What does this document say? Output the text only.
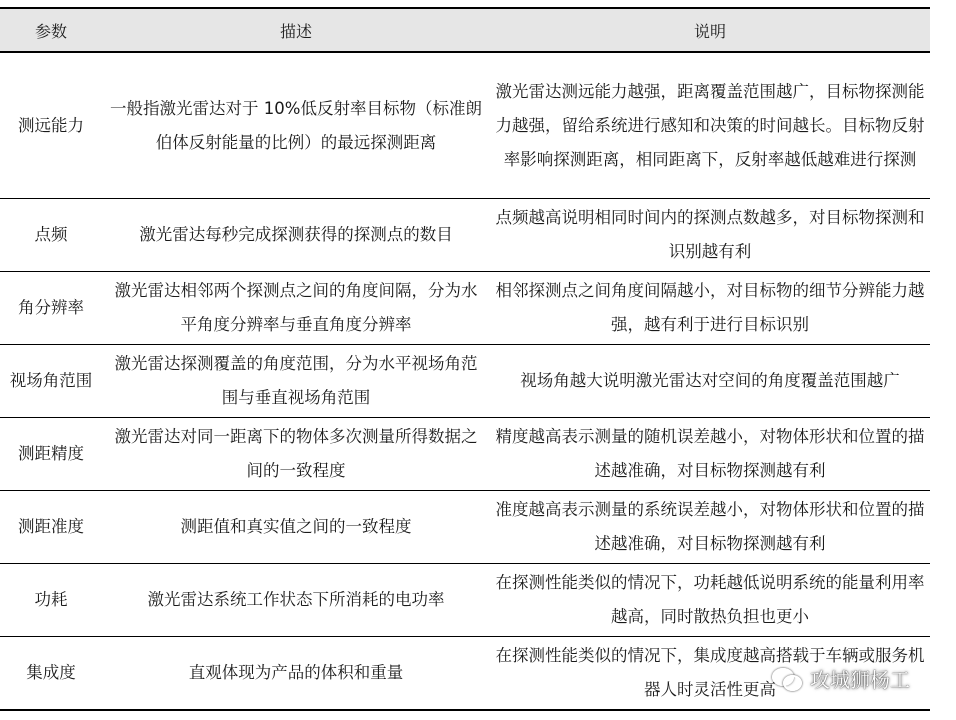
参数	描述	说明
测远能力	一般指激光雷达对于 10%低反射率目标物（标准朗伯体反射能量的比例）的最远探测距离	激光雷达测远能力越强，距离覆盖范围越广，目标物探测能力越强，留给系统进行感知和决策的时间越长。目标物反射率影响探测距离，相同距离下，反射率越低越难进行探测
点频	激光雷达每秒完成探测获得的探测点的数目	点频越高说明相同时间内的探测点数越多，对目标物探测和识别越有利
角分辨率	激光雷达相邻两个探测点之间的角度间隔，分为水平角度分辨率与垂直角度分辨率	相邻探测点之间角度间隔越小，对目标物的细节分辨能力越强，越有利于进行目标识别
视场角范围	激光雷达探测覆盖的角度范围，分为水平视场角范围与垂直视场角范围	视场角越大说明激光雷达对空间的角度覆盖范围越广
测距精度	激光雷达对同一距离下的物体多次测量所得数据之间的一致程度	精度越高表示测量的随机误差越小，对物体形状和位置的描述越准确，对目标物探测越有利
测距准度	测距值和真实值之间的一致程度	准度越高表示测量的系统误差越小，对物体形状和位置的描述越准确，对目标物探测越有利
功耗	激光雷达系统工作状态下所消耗的电功率	在探测性能类似的情况下，功耗越低说明系统的能量利用率越高，同时散热负担也更小
集成度	直观体现为产品的体积和重量	在探测性能类似的情况下，集成度越高搭载于车辆或服务机器人时灵活性更高 攻城狮杨工
